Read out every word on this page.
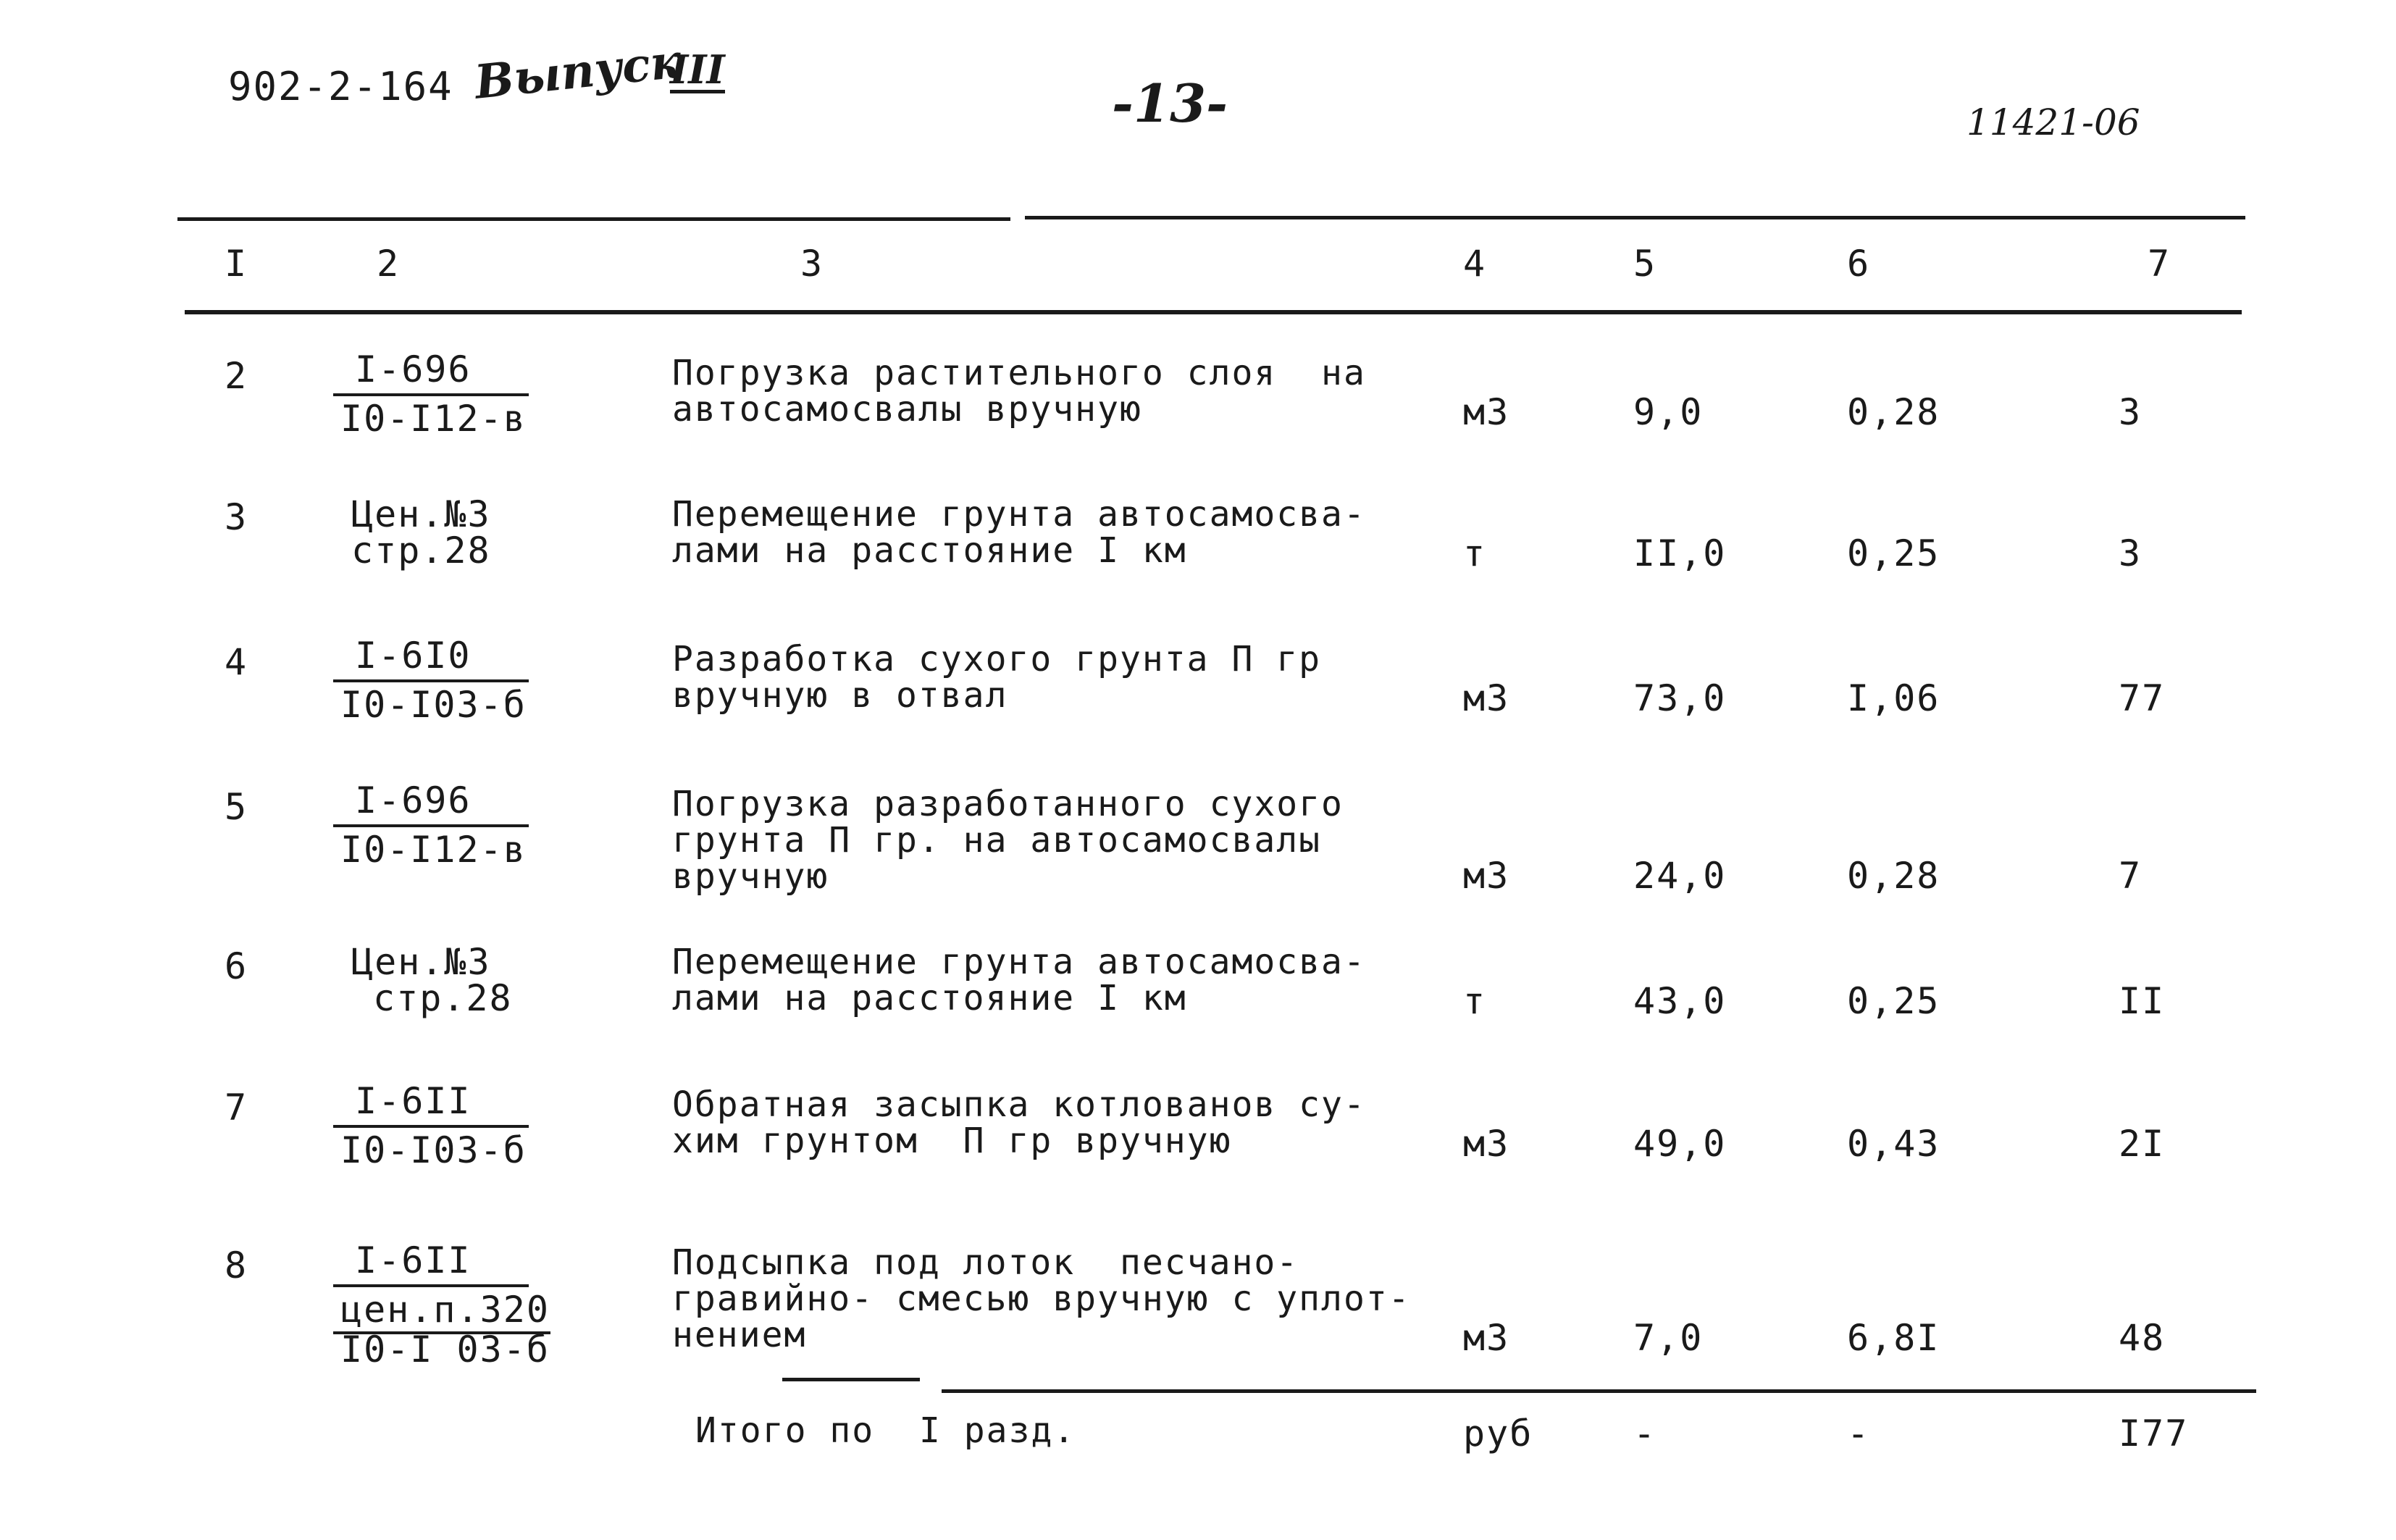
902-2-164 Выпуск
III
-13-	11421-06
I	2	3	4	5	6	7
2	I-696
I0-I12-в
Погрузка растительного слоя  на
автосамосвалы вручную	м3	9,0	0,28	3
3	Цен.№3
стр.28
Перемещение грунта автосамосва-
лами на расстояние I км	т	II,0	0,25	3
4	I-6I0
I0-I03-б
Разработка сухого грунта П гр
вручную в отвал	м3	73,0	I,06	77
5	I-696
I0-I12-в
Погрузка разработанного сухого
грунта П гр. на автосамосвалы
вручную	м3	24,0	0,28	7
6	Цен.№3
стр.28
Перемещение грунта автосамосва-
лами на расстояние I км	т	43,0	0,25	II
7	I-6II
I0-I03-б
Обратная засыпка котлованов су-
хим грунтом  П гр вручную	м3	49,0	0,43	2I
8	I-6II
цен.п.320
I0-I 03-б
Подсыпка под лоток  песчано-
гравийно- смесью вручную с уплот-
нением	м3	7,0	6,8I	48
Итого по  I разд.	руб	-	-	I77
